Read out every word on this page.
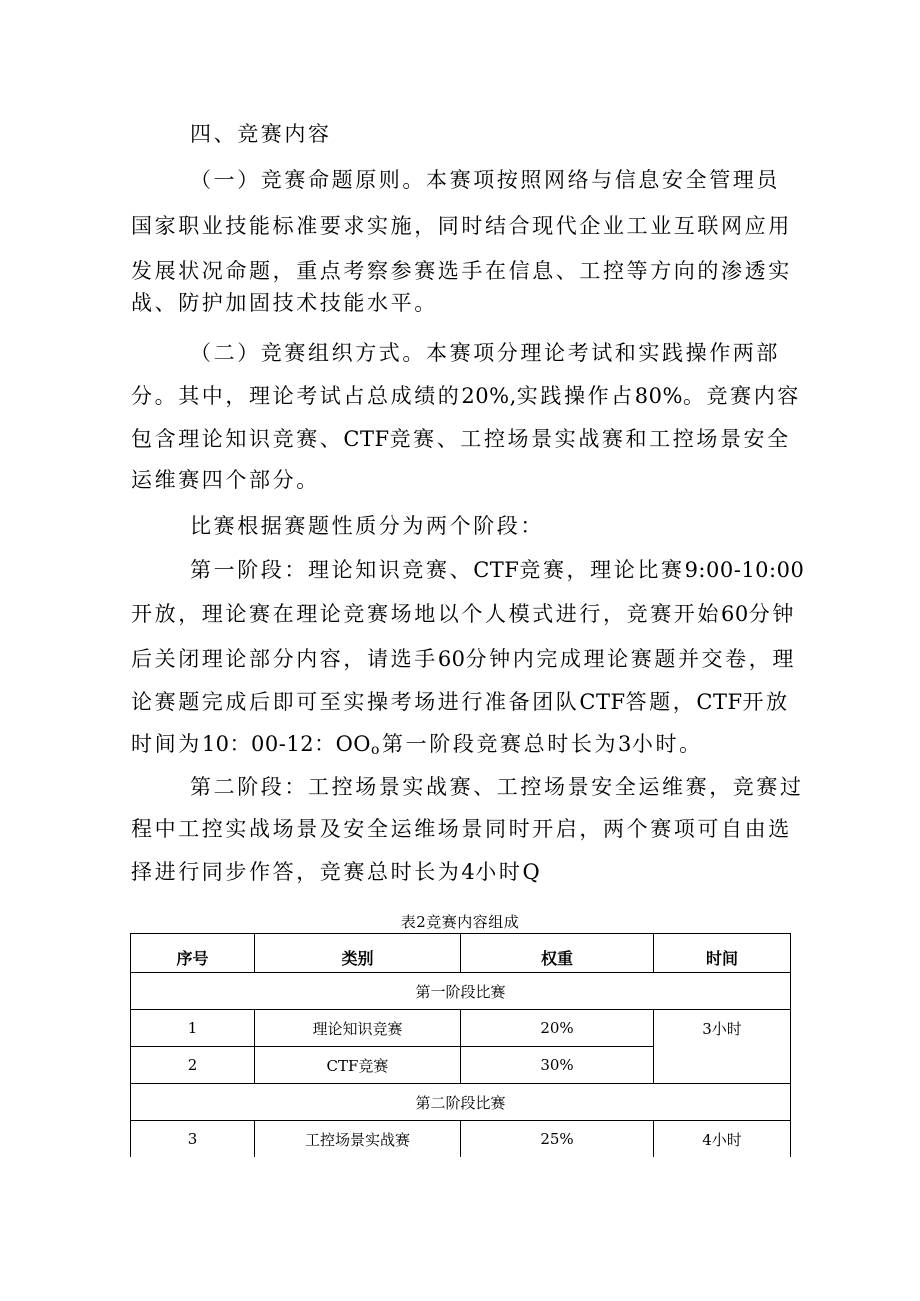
四、竞赛内容
（一）竞赛命题原则。本赛项按照网络与信息安全管理员
国家职业技能标准要求实施，同时结合现代企业工业互联网应用
发展状况命题，重点考察参赛选手在信息、工控等方向的渗透实
战、防护加固技术技能水平。
（二）竞赛组织方式。本赛项分理论考试和实践操作两部
分。其中，理论考试占总成绩的20%,实践操作占80%。竞赛内容
包含理论知识竞赛、CTF竞赛、工控场景实战赛和工控场景安全
运维赛四个部分。
比赛根据赛题性质分为两个阶段：
第一阶段：理论知识竞赛、CTF竞赛，理论比赛9:00-10:00
开放，理论赛在理论竞赛场地以个人模式进行，竞赛开始60分钟
后关闭理论部分内容，请选手60分钟内完成理论赛题并交卷，理
论赛题完成后即可至实操考场进行准备团队CTF答题，CTF开放
时间为10：00-12：$OO_o$第一阶段竞赛总时长为3小时。
第二阶段：工控场景实战赛、工控场景安全运维赛，竞赛过
程中工控实战场景及安全运维场景同时开启，两个赛项可自由选
择进行同步作答，竞赛总时长为4小时Q
表2竞赛内容组成
序号	类别	权重	时间
第一阶段比赛			
1	理论知识竞赛	20%	3小时
2	CTF竞赛	30%	
第二阶段比赛			
3	工控场景实战赛	25%	4小时
